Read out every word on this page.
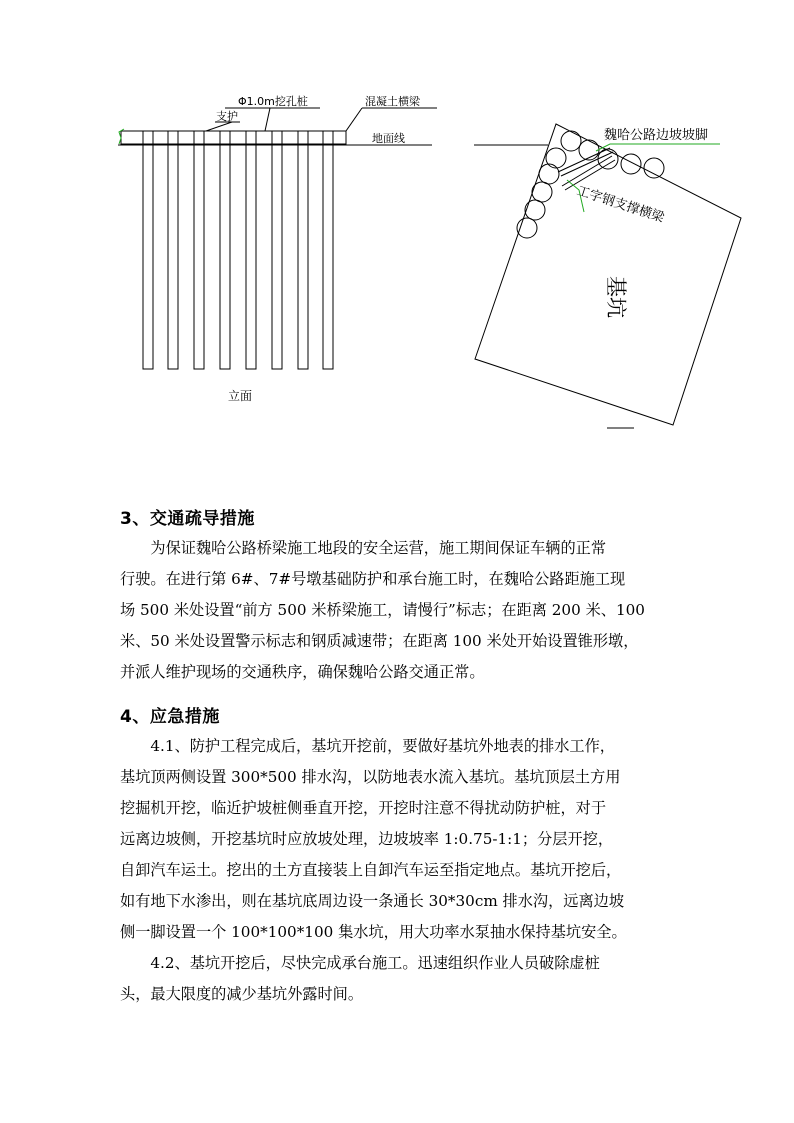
Φ1.0m挖孔桩
支护
混凝土横梁
地面线
立面
魏哈公路边坡坡脚
工字钢支撑横梁
基坑
3、交通疏导措施
　　为保证魏哈公路桥梁施工地段的安全运营，施工期间保证车辆的正常
行驶。在进行第 6#、7#号墩基础防护和承台施工时，在魏哈公路距施工现
场 500 米处设置“前方 500 米桥梁施工，请慢行”标志；在距离 200 米、100
米、50 米处设置警示标志和钢质减速带；在距离 100 米处开始设置锥形墩，
并派人维护现场的交通秩序，确保魏哈公路交通正常。
4、应急措施
　　4.1、防护工程完成后，基坑开挖前，要做好基坑外地表的排水工作，
基坑顶两侧设置 300*500 排水沟，以防地表水流入基坑。基坑顶层土方用
挖掘机开挖，临近护坡桩侧垂直开挖，开挖时注意不得扰动防护桩，对于
远离边坡侧，开挖基坑时应放坡处理，边坡坡率 1:0.75-1:1；分层开挖，
自卸汽车运土。挖出的土方直接装上自卸汽车运至指定地点。基坑开挖后，
如有地下水渗出，则在基坑底周边设一条通长 30*30cm 排水沟，远离边坡
侧一脚设置一个 100*100*100 集水坑，用大功率水泵抽水保持基坑安全。
　　4.2、基坑开挖后，尽快完成承台施工。迅速组织作业人员破除虚桩
头，最大限度的减少基坑外露时间。
